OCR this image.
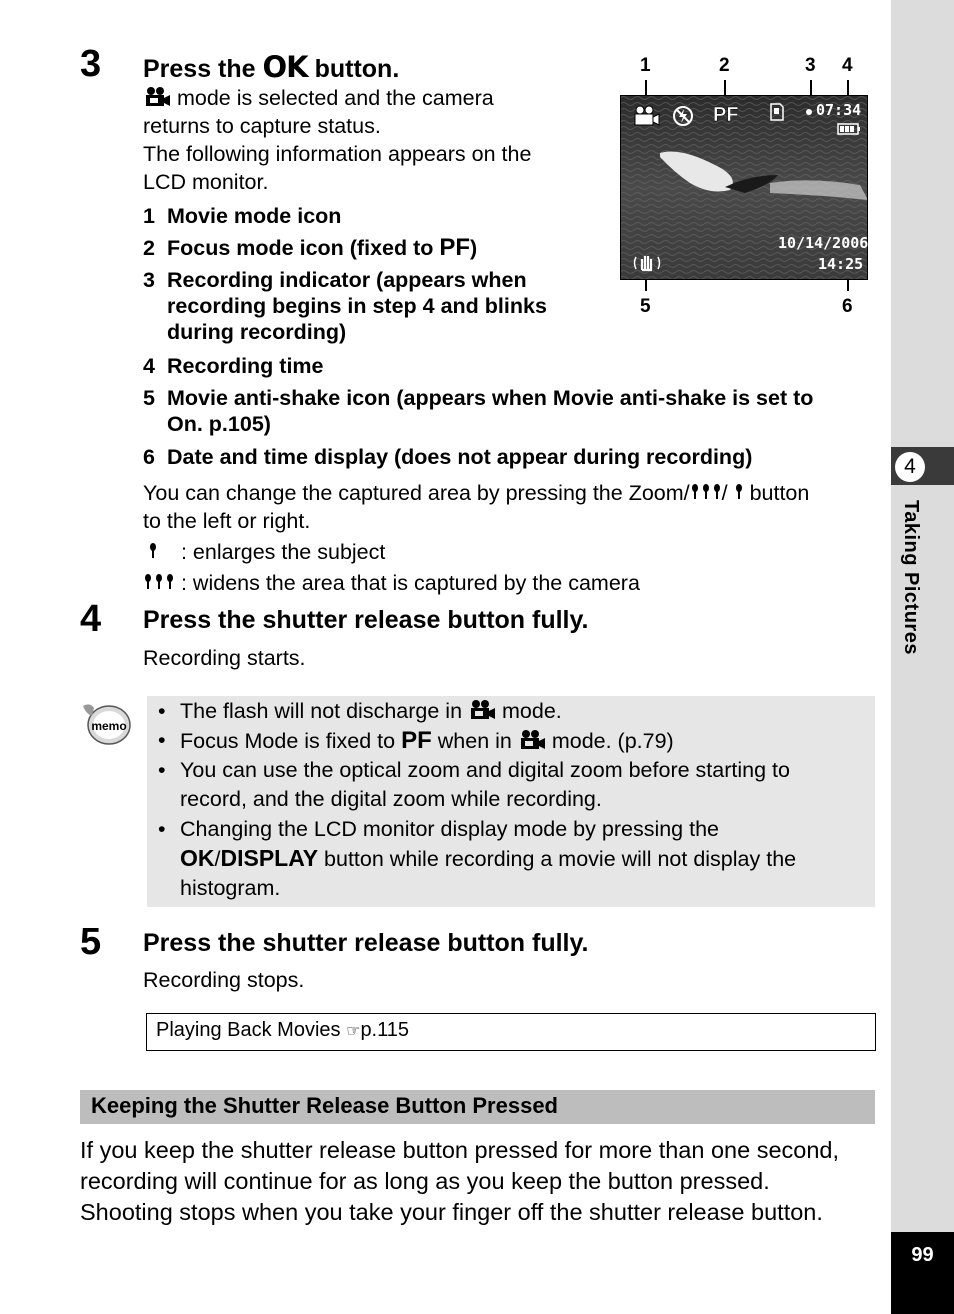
4
Taking Pictures
99
3 Press the OK button.
mode is selected and the camera
returns to capture status.
The following information appears on the
LCD monitor.
1 Movie mode icon
2 Focus mode icon (fixed to PF)
3 Recording indicator (appears when
recording begins in step 4 and blinks
during recording)
4 Recording time
5 Movie anti-shake icon (appears when Movie anti-shake is set to
On. p.105)
6 Date and time display (does not appear during recording)
You can change the captured area by pressing the Zoom/ /  button
to the left or right.
: enlarges the subject
: widens the area that is captured by the camera
1	2	3 4
5	6
PF	07:34
10/14/2006
14:25
4 Press the shutter release button fully.
Recording starts.
memo
• The flash will not discharge in mode.
• Focus Mode is fixed to PF when in mode. (p.79)
• You can use the optical zoom and digital zoom before starting to
record, and the digital zoom while recording.
• Changing the LCD monitor display mode by pressing the
OK/DISPLAY button while recording a movie will not display the
histogram.
5 Press the shutter release button fully.
Recording stops.
Playing Back Movies ☞p.115
Keeping the Shutter Release Button Pressed
If you keep the shutter release button pressed for more than one second,
recording will continue for as long as you keep the button pressed.
Shooting stops when you take your finger off the shutter release button.
